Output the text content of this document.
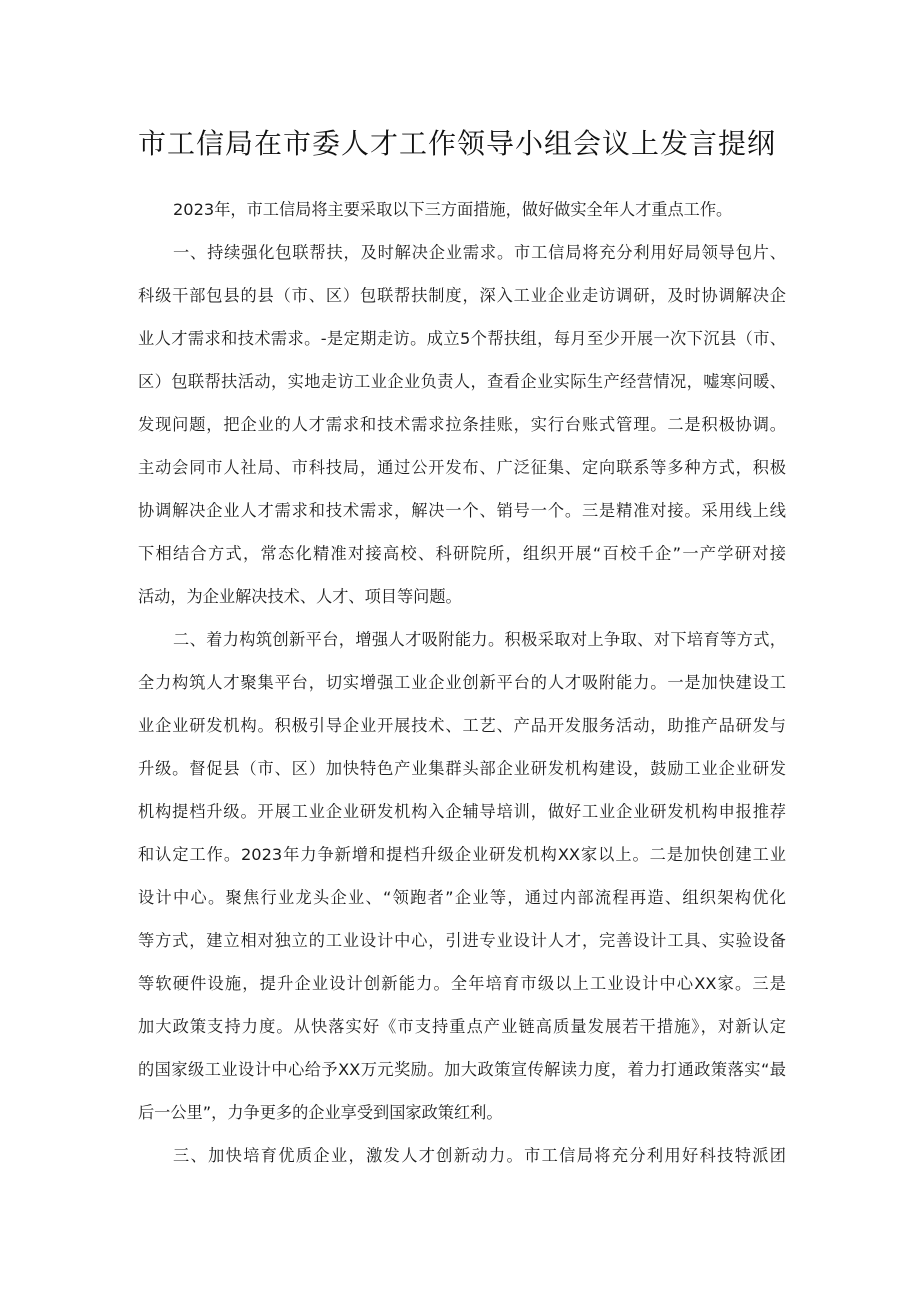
市工信局在市委人才工作领导小组会议上发言提纲
2023年，市工信局将主要采取以下三方面措施，做好做实全年人才重点工作。
一、持续强化包联帮扶，及时解决企业需求。市工信局将充分利用好局领导包片、
科级干部包县的县（市、区）包联帮扶制度，深入工业企业走访调研，及时协调解决企
业人才需求和技术需求。-是定期走访。成立5个帮扶组，每月至少开展一次下沉县（市、
区）包联帮扶活动，实地走访工业企业负责人，查看企业实际生产经营情况，嘘寒问暖、
发现问题，把企业的人才需求和技术需求拉条挂账，实行台账式管理。二是积极协调。
主动会同市人社局、市科技局，通过公开发布、广泛征集、定向联系等多种方式，积极
协调解决企业人才需求和技术需求，解决一个、销号一个。三是精准对接。采用线上线
下相结合方式，常态化精准对接高校、科研院所，组织开展“百校千企”一产学研对接
活动，为企业解决技术、人才、项目等问题。
二、着力构筑创新平台，增强人才吸附能力。积极采取对上争取、对下培育等方式，
全力构筑人才聚集平台，切实增强工业企业创新平台的人才吸附能力。一是加快建设工
业企业研发机构。积极引导企业开展技术、工艺、产品开发服务活动，助推产品研发与
升级。督促县（市、区）加快特色产业集群头部企业研发机构建设，鼓励工业企业研发
机构提档升级。开展工业企业研发机构入企辅导培训，做好工业企业研发机构申报推荐
和认定工作。2023年力争新增和提档升级企业研发机构XX家以上。二是加快创建工业
设计中心。聚焦行业龙头企业、“领跑者”企业等，通过内部流程再造、组织架构优化
等方式，建立相对独立的工业设计中心，引进专业设计人才，完善设计工具、实验设备
等软硬件设施，提升企业设计创新能力。全年培育市级以上工业设计中心XX家。三是
加大政策支持力度。从快落实好《市支持重点产业链高质量发展若干措施》，对新认定
的国家级工业设计中心给予XX万元奖励。加大政策宣传解读力度，着力打通政策落实“最
后一公里”，力争更多的企业享受到国家政策红利。
三、加快培育优质企业，激发人才创新动力。市工信局将充分利用好科技特派团
